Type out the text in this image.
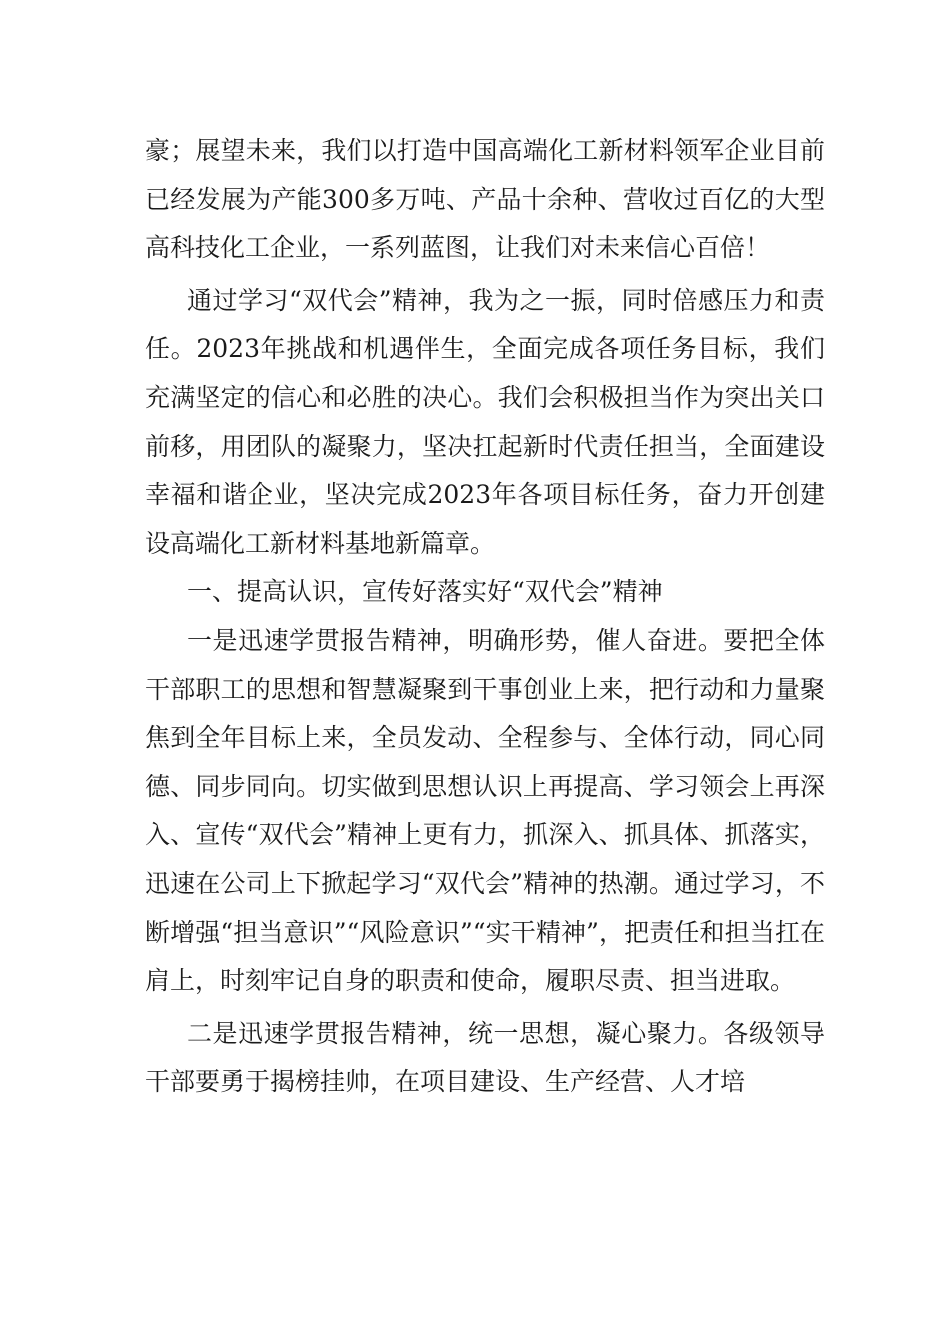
豪；展望未来，我们以打造中国高端化工新材料领军企业目前已经发展为产能300多万吨、产品十余种、营收过百亿的大型高科技化工企业，一系列蓝图，让我们对未来信心百倍！

通过学习“双代会”精神，我为之一振，同时倍感压力和责任。2023年挑战和机遇伴生，全面完成各项任务目标，我们充满坚定的信心和必胜的决心。我们会积极担当作为突出关口前移，用团队的凝聚力，坚决扛起新时代责任担当，全面建设幸福和谐企业，坚决完成2023年各项目标任务，奋力开创建设高端化工新材料基地新篇章。

一、提高认识，宣传好落实好“双代会”精神

一是迅速学贯报告精神，明确形势，催人奋进。要把全体干部职工的思想和智慧凝聚到干事创业上来，把行动和力量聚焦到全年目标上来，全员发动、全程参与、全体行动，同心同德、同步同向。切实做到思想认识上再提高、学习领会上再深入、宣传“双代会”精神上更有力，抓深入、抓具体、抓落实，迅速在公司上下掀起学习“双代会”精神的热潮。通过学习，不断增强“担当意识”“风险意识”“实干精神”，把责任和担当扛在肩上，时刻牢记自身的职责和使命，履职尽责、担当进取。

二是迅速学贯报告精神，统一思想，凝心聚力。各级领导干部要勇于揭榜挂帅，在项目建设、生产经营、人才培
